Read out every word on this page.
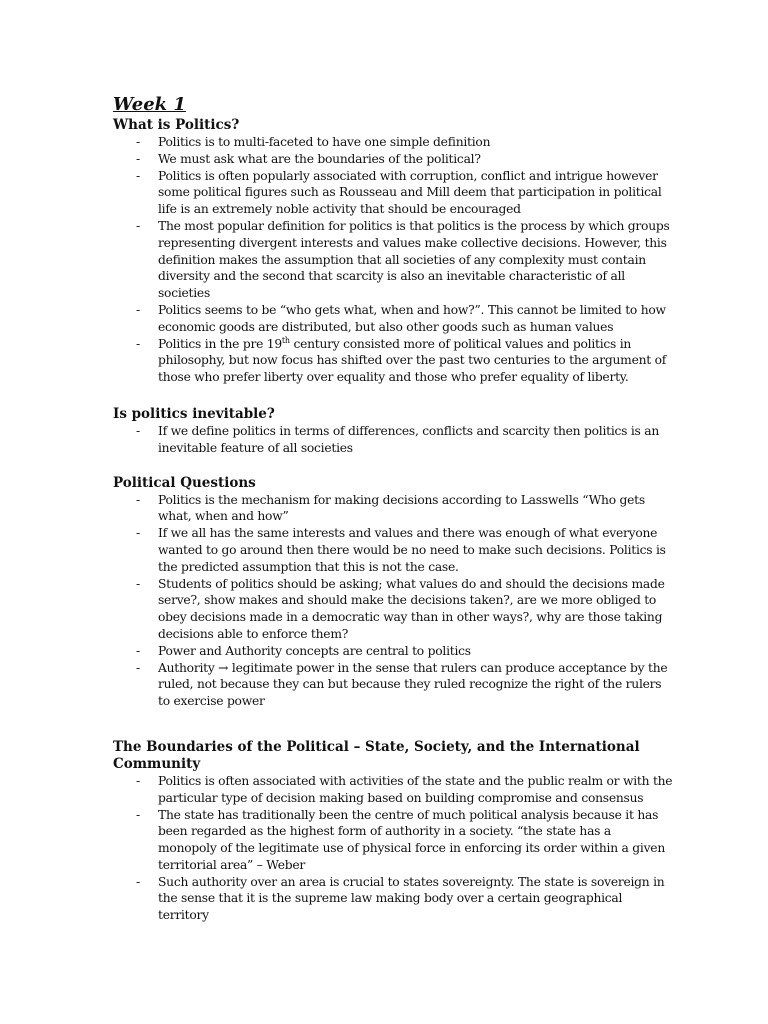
Week 1
What is Politics?
- Politics is to multi-faceted to have one simple definition
- We must ask what are the boundaries of the political?
- Politics is often popularly associated with corruption, conflict and intrigue however some political figures such as Rousseau and Mill deem that participation in political life is an extremely noble activity that should be encouraged
- The most popular definition for politics is that politics is the process by which groups representing divergent interests and values make collective decisions. However, this definition makes the assumption that all societies of any complexity must contain diversity and the second that scarcity is also an inevitable characteristic of all societies
- Politics seems to be “who gets what, when and how?”. This cannot be limited to how economic goods are distributed, but also other goods such as human values
- Politics in the pre 19th century consisted more of political values and politics in philosophy, but now focus has shifted over the past two centuries to the argument of those who prefer liberty over equality and those who prefer equality of liberty.
Is politics inevitable?
- If we define politics in terms of differences, conflicts and scarcity then politics is an inevitable feature of all societies
Political Questions
- Politics is the mechanism for making decisions according to Lasswells “Who gets what, when and how”
- If we all has the same interests and values and there was enough of what everyone wanted to go around then there would be no need to make such decisions. Politics is the predicted assumption that this is not the case.
- Students of politics should be asking; what values do and should the decisions made serve?, show makes and should make the decisions taken?, are we more obliged to obey decisions made in a democratic way than in other ways?, why are those taking decisions able to enforce them?
- Power and Authority concepts are central to politics
- Authority → legitimate power in the sense that rulers can produce acceptance by the ruled, not because they can but because they ruled recognize the right of the rulers to exercise power
The Boundaries of the Political – State, Society, and the International Community
- Politics is often associated with activities of the state and the public realm or with the particular type of decision making based on building compromise and consensus
- The state has traditionally been the centre of much political analysis because it has been regarded as the highest form of authority in a society. “the state has a monopoly of the legitimate use of physical force in enforcing its order within a given territorial area” – Weber
- Such authority over an area is crucial to states sovereignty. The state is sovereign in the sense that it is the supreme law making body over a certain geographical territory
